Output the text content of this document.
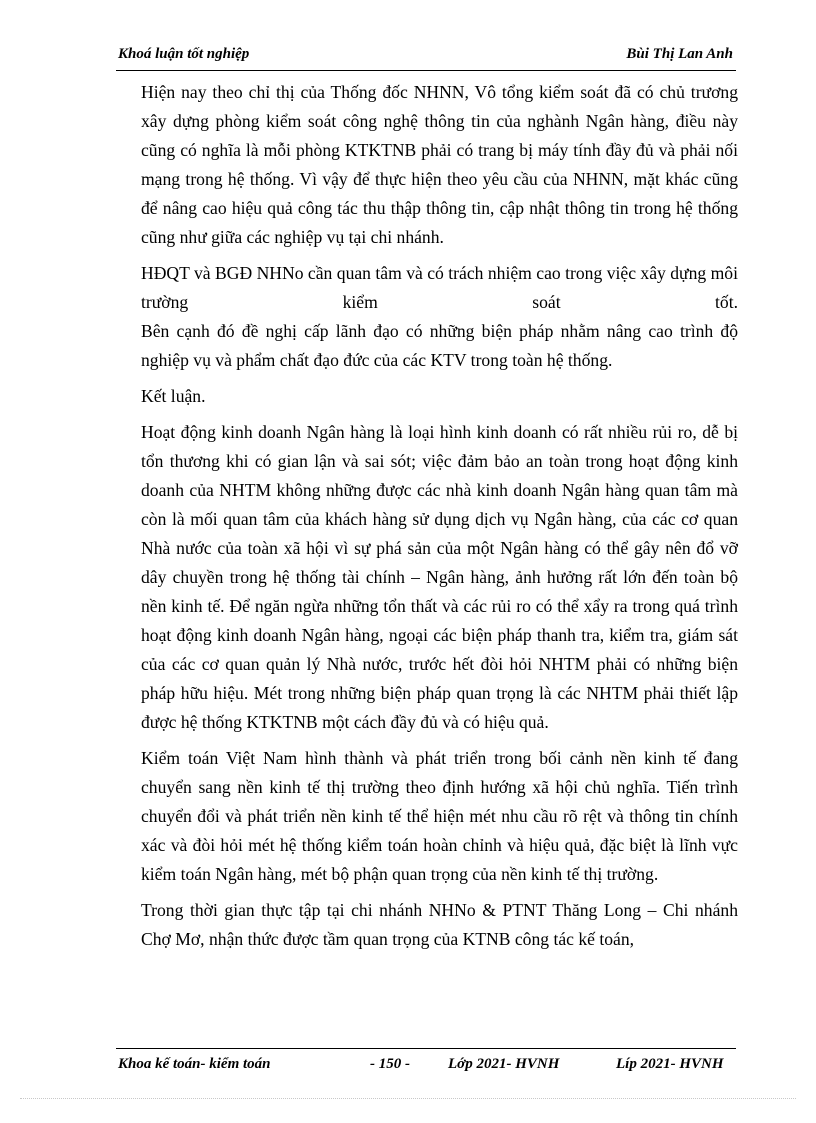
Khoá luận tốt nghiệp	Bùi Thị Lan Anh

Hiện nay theo chỉ thị của Thống đốc NHNN, Vô tổng kiểm soát đã có chủ trương xây dựng phòng kiểm soát công nghệ thông tin của nghành Ngân hàng, điều này cũng có nghĩa là mỗi phòng KTKTNB phải có trang bị máy tính đầy đủ và phải nối mạng trong hệ thống. Vì vậy để thực hiện theo yêu cầu của NHNN, mặt khác cũng để nâng cao hiệu quả công tác thu thập thông tin, cập nhật thông tin trong hệ thống cũng như giữa các nghiệp vụ tại chi nhánh.

HĐQT và BGĐ NHNo cần quan tâm và có trách nhiệm cao trong việc xây dựng môi trường kiểm soát tốt.

Bên cạnh đó đề nghị cấp lãnh đạo có những biện pháp nhằm nâng cao trình độ nghiệp vụ và phẩm chất đạo đức của các KTV trong toàn hệ thống.

Kết luận.

Hoạt động kinh doanh Ngân hàng là loại hình kinh doanh có rất nhiều rủi ro, dễ bị tổn thương khi có gian lận và sai sót; việc đảm bảo an toàn trong hoạt động kinh doanh của NHTM không những được các nhà kinh doanh Ngân hàng quan tâm mà còn là mối quan tâm của khách hàng sử dụng dịch vụ Ngân hàng, của các cơ quan Nhà nước của toàn xã hội vì sự phá sản của một Ngân hàng có thể gây nên đổ vỡ dây chuyền trong hệ thống tài chính – Ngân hàng, ảnh hưởng rất lớn đến toàn bộ nền kinh tế. Để ngăn ngừa những tổn thất và các rủi ro có thể xẩy ra trong quá trình hoạt động kinh doanh Ngân hàng, ngoại các biện pháp thanh tra, kiểm tra, giám sát của các cơ quan quản lý Nhà nước, trước hết đòi hỏi NHTM phải có những biện pháp hữu hiệu. Mét trong những biện pháp quan trọng là các NHTM phải thiết lập được hệ thống KTKTNB một cách đầy đủ và có hiệu quả.

Kiểm toán Việt Nam hình thành và phát triển trong bối cảnh nền kinh tế đang chuyển sang nền kinh tế thị trường theo định hướng xã hội chủ nghĩa. Tiến trình chuyển đổi và phát triển nền kinh tế thể hiện mét nhu cầu rõ rệt và thông tin chính xác và đòi hỏi mét hệ thống kiểm toán hoàn chỉnh và hiệu quả, đặc biệt là lĩnh vực kiểm toán Ngân hàng, mét bộ phận quan trọng của nền kinh tế thị trường.

Trong thời gian thực tập tại chi nhánh NHNo & PTNT Thăng Long – Chi nhánh Chợ Mơ, nhận thức được tầm quan trọng của KTNB công tác kế toán,

Khoa kế toán- kiểm toán	- 150 -	Lớp 2021- HVNH	Líp 2021- HVNH
